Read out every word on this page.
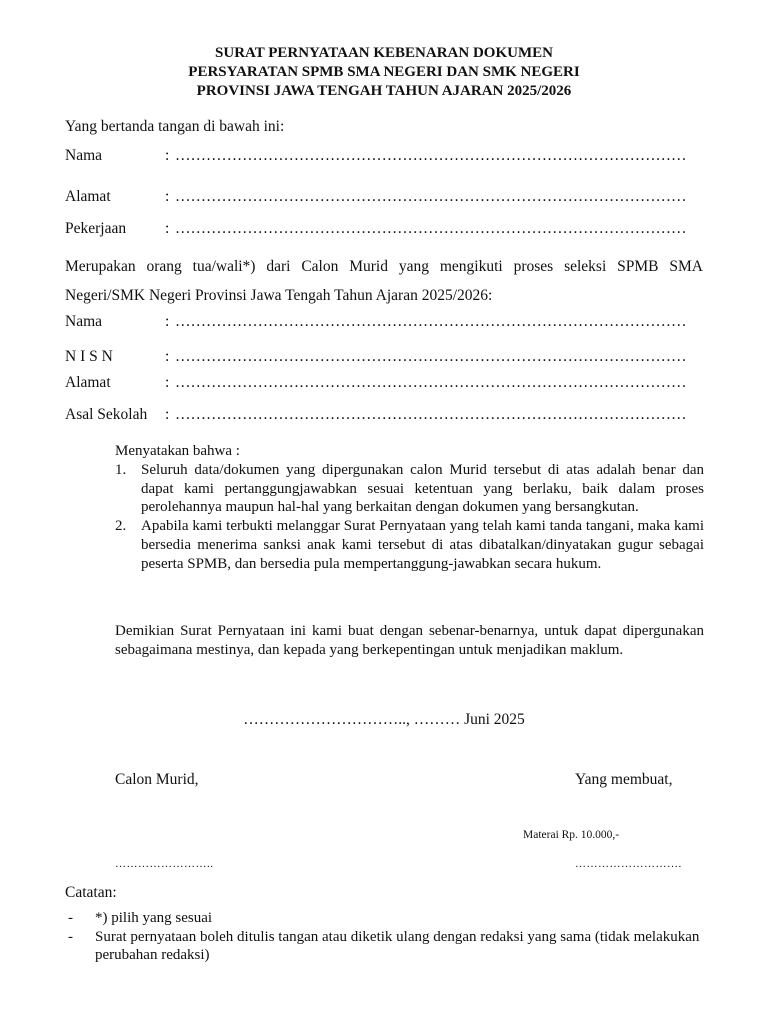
SURAT PERNYATAAN KEBENARAN DOKUMEN
PERSYARATAN SPMB SMA NEGERI DAN SMK NEGERI
PROVINSI JAWA TENGAH TAHUN AJARAN 2025/2026
Yang bertanda tangan di bawah ini:
Nama	: ………………………………………………………………………………………
Alamat	: ………………………………………………………………………………………
Pekerjaan	: ………………………………………………………………………………………
Merupakan orang tua/wali*) dari Calon Murid yang mengikuti proses seleksi SPMB SMA Negeri/SMK Negeri Provinsi Jawa Tengah Tahun Ajaran 2025/2026:
Nama	: ………………………………………………………………………………………
N I S N	: ………………………………………………………………………………………
Alamat	: ………………………………………………………………………………………
Asal Sekolah : ………………………………………………………………………………………
Menyatakan bahwa :
1. Seluruh data/dokumen yang dipergunakan calon Murid tersebut di atas adalah benar dan dapat kami pertanggungjawabkan sesuai ketentuan yang berlaku, baik dalam proses perolehannya maupun hal-hal yang berkaitan dengan dokumen yang bersangkutan.
2. Apabila kami terbukti melanggar Surat Pernyataan yang telah kami tanda tangani, maka kami bersedia menerima sanksi anak kami tersebut di atas dibatalkan/dinyatakan gugur sebagai peserta SPMB, dan bersedia pula mempertanggung-jawabkan secara hukum.
Demikian Surat Pernyataan ini kami buat dengan sebenar-benarnya, untuk dapat dipergunakan sebagaimana mestinya, dan kepada yang berkepentingan untuk menjadikan maklum.
………………………….., ……… Juni 2025
Calon Murid,	Yang membuat,
Materai Rp. 10.000,-
……………………..	……………………….
Catatan:
- *) pilih yang sesuai
- Surat pernyataan boleh ditulis tangan atau diketik ulang dengan redaksi yang sama (tidak melakukan perubahan redaksi)
